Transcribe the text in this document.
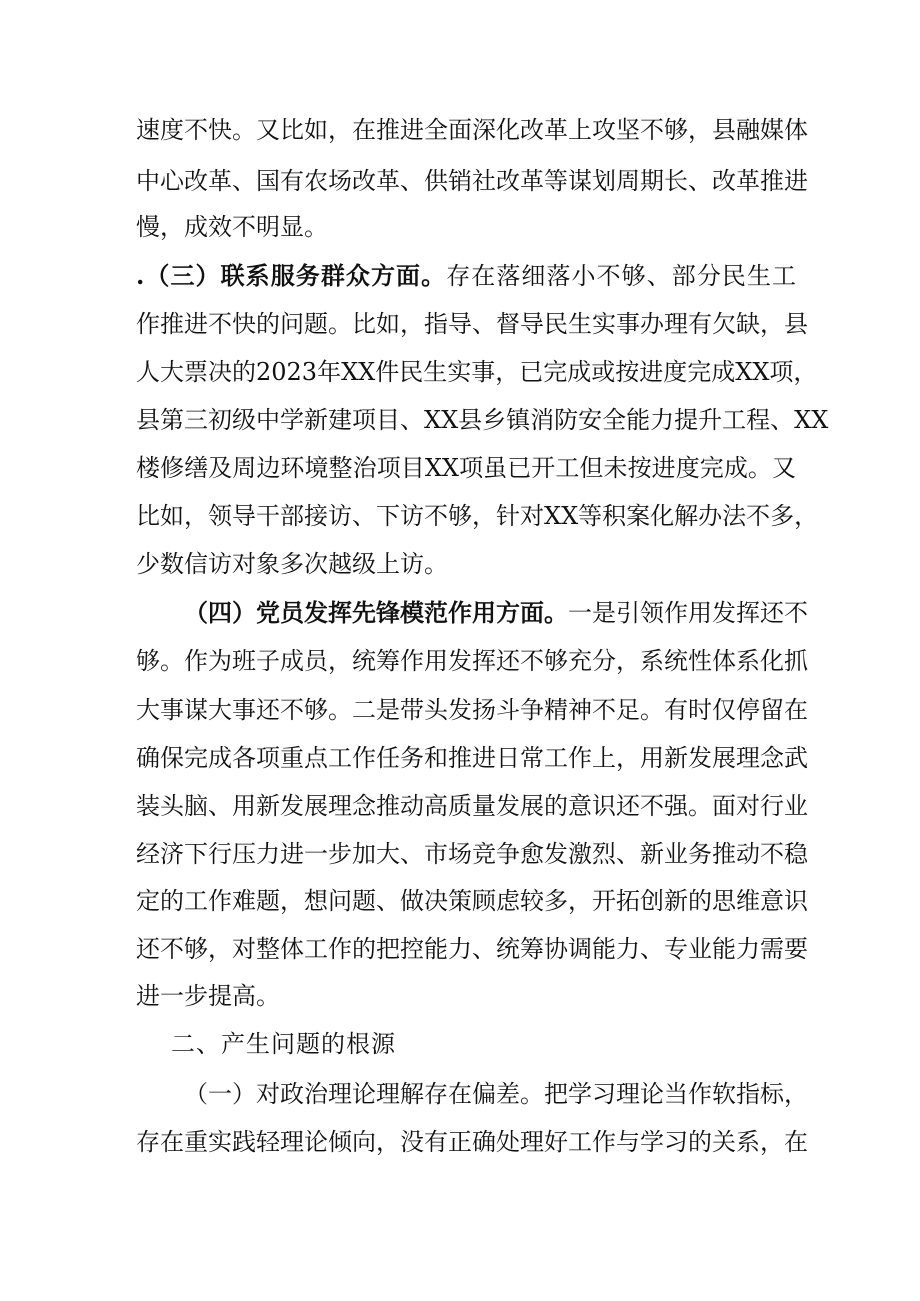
速度不快。又比如，在推进全面深化改革上攻坚不够，县融媒体
中心改革、国有农场改革、供销社改革等谋划周期长、改革推进
慢，成效不明显。
.（三）联系服务群众方面。存在落细落小不够、部分民生工
作推进不快的问题。比如，指导、督导民生实事办理有欠缺，县
人大票决的2023年XX件民生实事，已完成或按进度完成XX项，
县第三初级中学新建项目、XX县乡镇消防安全能力提升工程、XX
楼修缮及周边环境整治项目XX项虽已开工但未按进度完成。又
比如，领导干部接访、下访不够，针对XX等积案化解办法不多，
少数信访对象多次越级上访。
（四）党员发挥先锋模范作用方面。一是引领作用发挥还不
够。作为班子成员，统筹作用发挥还不够充分，系统性体系化抓
大事谋大事还不够。二是带头发扬斗争精神不足。有时仅停留在
确保完成各项重点工作任务和推进日常工作上，用新发展理念武
装头脑、用新发展理念推动高质量发展的意识还不强。面对行业
经济下行压力进一步加大、市场竞争愈发激烈、新业务推动不稳
定的工作难题，想问题、做决策顾虑较多，开拓创新的思维意识
还不够，对整体工作的把控能力、统筹协调能力、专业能力需要
进一步提高。
二、产生问题的根源
（一）对政治理论理解存在偏差。把学习理论当作软指标，
存在重实践轻理论倾向，没有正确处理好工作与学习的关系，在
